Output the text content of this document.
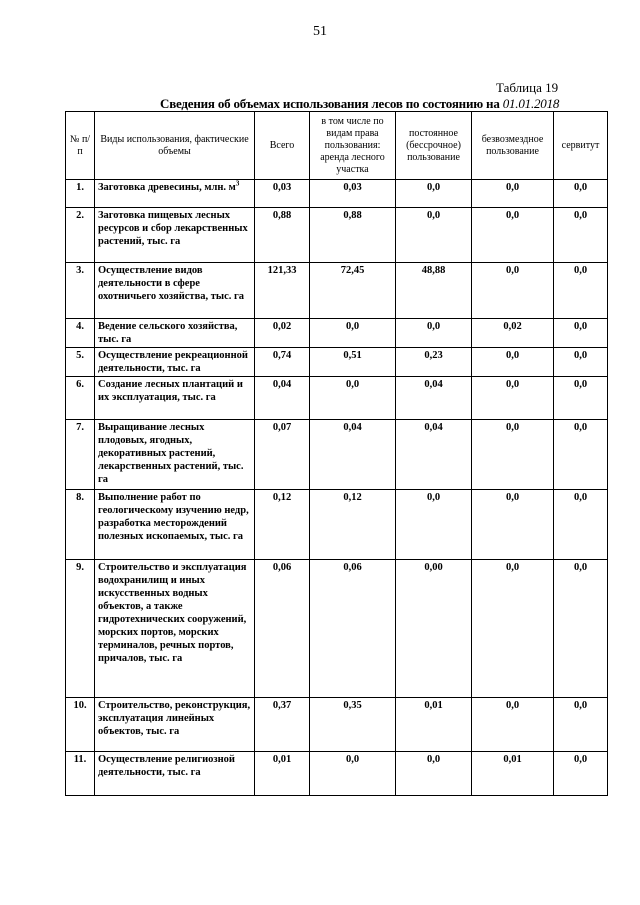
51
Таблица 19
Сведения об объемах использования лесов по состоянию на 01.01.2018
№ п/п	Виды использования, фактические объемы	Всего	в том числе по видам права пользования: аренда лесного участка	постоянное (бессрочное) пользование	безвозмездное пользование	сервитут
1.	Заготовка древесины, млн. $м^3$	0,03	0,03	0,0	0,0	0,0
2.	Заготовка пищевых лесных ресурсов и сбор лекарственных растений, тыс. га	0,88	0,88	0,0	0,0	0,0
3.	Осуществление видов деятельности в сфере охотничьего хозяйства, тыс. га	121,33	72,45	48,88	0,0	0,0
4.	Ведение сельского хозяйства, тыс. га	0,02	0,0	0,0	0,02	0,0
5.	Осуществление рекреационной деятельности, тыс. га	0,74	0,51	0,23	0,0	0,0
6.	Создание лесных плантаций и их эксплуатация, тыс. га	0,04	0,0	0,04	0,0	0,0
7.	Выращивание лесных плодовых, ягодных, декоративных растений, лекарственных растений, тыс. га	0,07	0,04	0,04	0,0	0,0
8.	Выполнение работ по геологическому изучению недр, разработка месторождений полезных ископаемых, тыс. га	0,12	0,12	0,0	0,0	0,0
9.	Строительство и эксплуатация водохранилищ и иных искусственных водных объектов, а также гидротехнических сооружений, морских портов, морских терминалов, речных портов, причалов, тыс. га	0,06	0,06	0,00	0,0	0,0
10.	Строительство, реконструкция, эксплуатация линейных объектов, тыс. га	0,37	0,35	0,01	0,0	0,0
11.	Осуществление религиозной деятельности, тыс. га	0,01	0,0	0,0	0,01	0,0
